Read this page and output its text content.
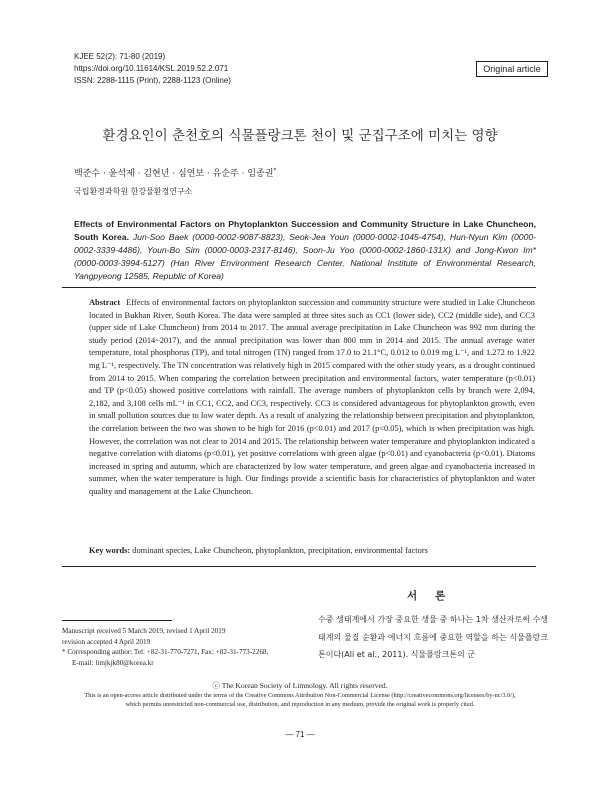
KJEE 52(2): 71-80 (2019)
https://doi.org/10.11614/KSL.2019.52.2.071
ISSN: 2288-1115 (Print), 2288-1123 (Online)
Original article
환경요인이 춘천호의 식물플랑크톤 천이 및 군집구조에 미치는 영향
백준수 · 윤석제 · 김현년 · 심연보 · 유순주 · 임종권*
국립환경과학원 한강물환경연구소
Effects of Environmental Factors on Phytoplankton Succession and Community Structure in Lake Chuncheon, South Korea. Jun-Soo Baek (0000-0002-9087-8823), Seok-Jea Youn (0000-0002-1045-4754), Hun-Nyun Kim (0000-0002-3339-4486), Youn-Bo Sim (0000-0003-2317-8146), Soon-Ju Yoo (0000-0002-1860-131X) and Jong-Kwon Im* (0000-0003-3994-5127) (Han River Environment Research Center, National Institute of Environmental Research, Yangpyeong 12585, Republic of Korea)
Abstract Effects of environmental factors on phytoplankton succession and community structure were studied in Lake Chuncheon located in Bukhan River, South Korea. The data were sampled at three sites such as CC1 (lower side), CC2 (middle side), and CC3 (upper side of Lake Chuncheon) from 2014 to 2017. The annual average precipitation in Lake Chuncheon was 992 mm during the study period (2014~2017), and the annual precipitation was lower than 800 mm in 2014 and 2015. The annual average water temperature, total phosphorus (TP), and total nitrogen (TN) ranged from 17.0 to 21.1°C, 0.012 to 0.019 mg L⁻¹, and 1.272 to 1.922 mg L⁻¹, respectively. The TN concentration was relatively high in 2015 compared with the other study years, as a drought continued from 2014 to 2015. When comparing the correlation between precipitation and environmental factors, water temperature (p<0.01) and TP (p<0.05) showed positive correlations with rainfall. The average numbers of phytoplankton cells by branch were 2,094, 2,182, and 3,108 cells mL⁻¹ in CC1, CC2, and CC3, respectively. CC3 is considered advantageous for phytoplankton growth, even in small pollution sources due to low water depth. As a result of analyzing the relationship between precipitation and phytoplankton, the correlation between the two was shown to be high for 2016 (p<0.01) and 2017 (p<0.05), which is when precipitation was high. However, the correlation was not clear to 2014 and 2015. The relationship between water temperature and phytoplankton indicated a negative correlation with diatoms (p<0.01), yet positive correlations with green algae (p<0.01) and cyanobacteria (p<0.01). Diatoms increased in spring and autumn, which are characterized by low water temperature, and green algae and cyanobacteria increased in summer, when the water temperature is high. Our findings provide a scientific basis for characteristics of phytoplankton and water quality and management at the Lake Chuncheon.
Key words: dominant species, Lake Chuncheon, phytoplankton, precipitation, environmental factors
서론
수중 생태계에서 가장 중요한 생물 중 하나는 1차 생산자로써 수생태계의 물질 순환과 에너지 흐름에 중요한 역할을 하는 식물플랑크톤이다(Ali et al., 2011). 식물플랑크톤의 군
Manuscript received 5 March 2019, revised 1 April 2019
revision accepted 4 April 2019
* Corresponding author: Tel: +82-31-770-7271, Fax: +82-31-773-2268,
E-mail: limjkjk80@korea.kr
ⓒ The Korean Society of Limnology. All rights reserved.
This is an open-access article distributed under the terms of the Creative Commons Attribution Non-Commercial License (http://creativecommons.org/licenses/by-nc/3.0/),
which permits unrestricted non-commercial use, distribution, and reproduction in any medium, provide the original work is properly cited.
— 71 —
